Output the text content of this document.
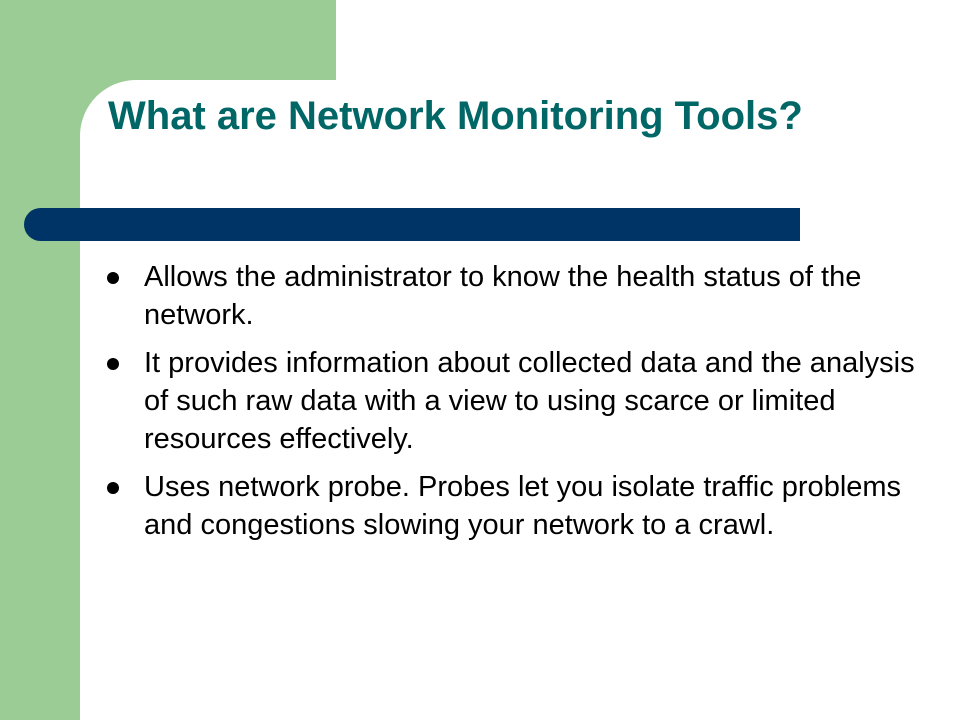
What are Network Monitoring Tools?
Allows the administrator to know the health status of the network.
It provides information about collected data and the analysis of such raw data with a view to using scarce or limited resources effectively.
Uses network probe. Probes let you isolate traffic problems and congestions slowing your network to a crawl.
